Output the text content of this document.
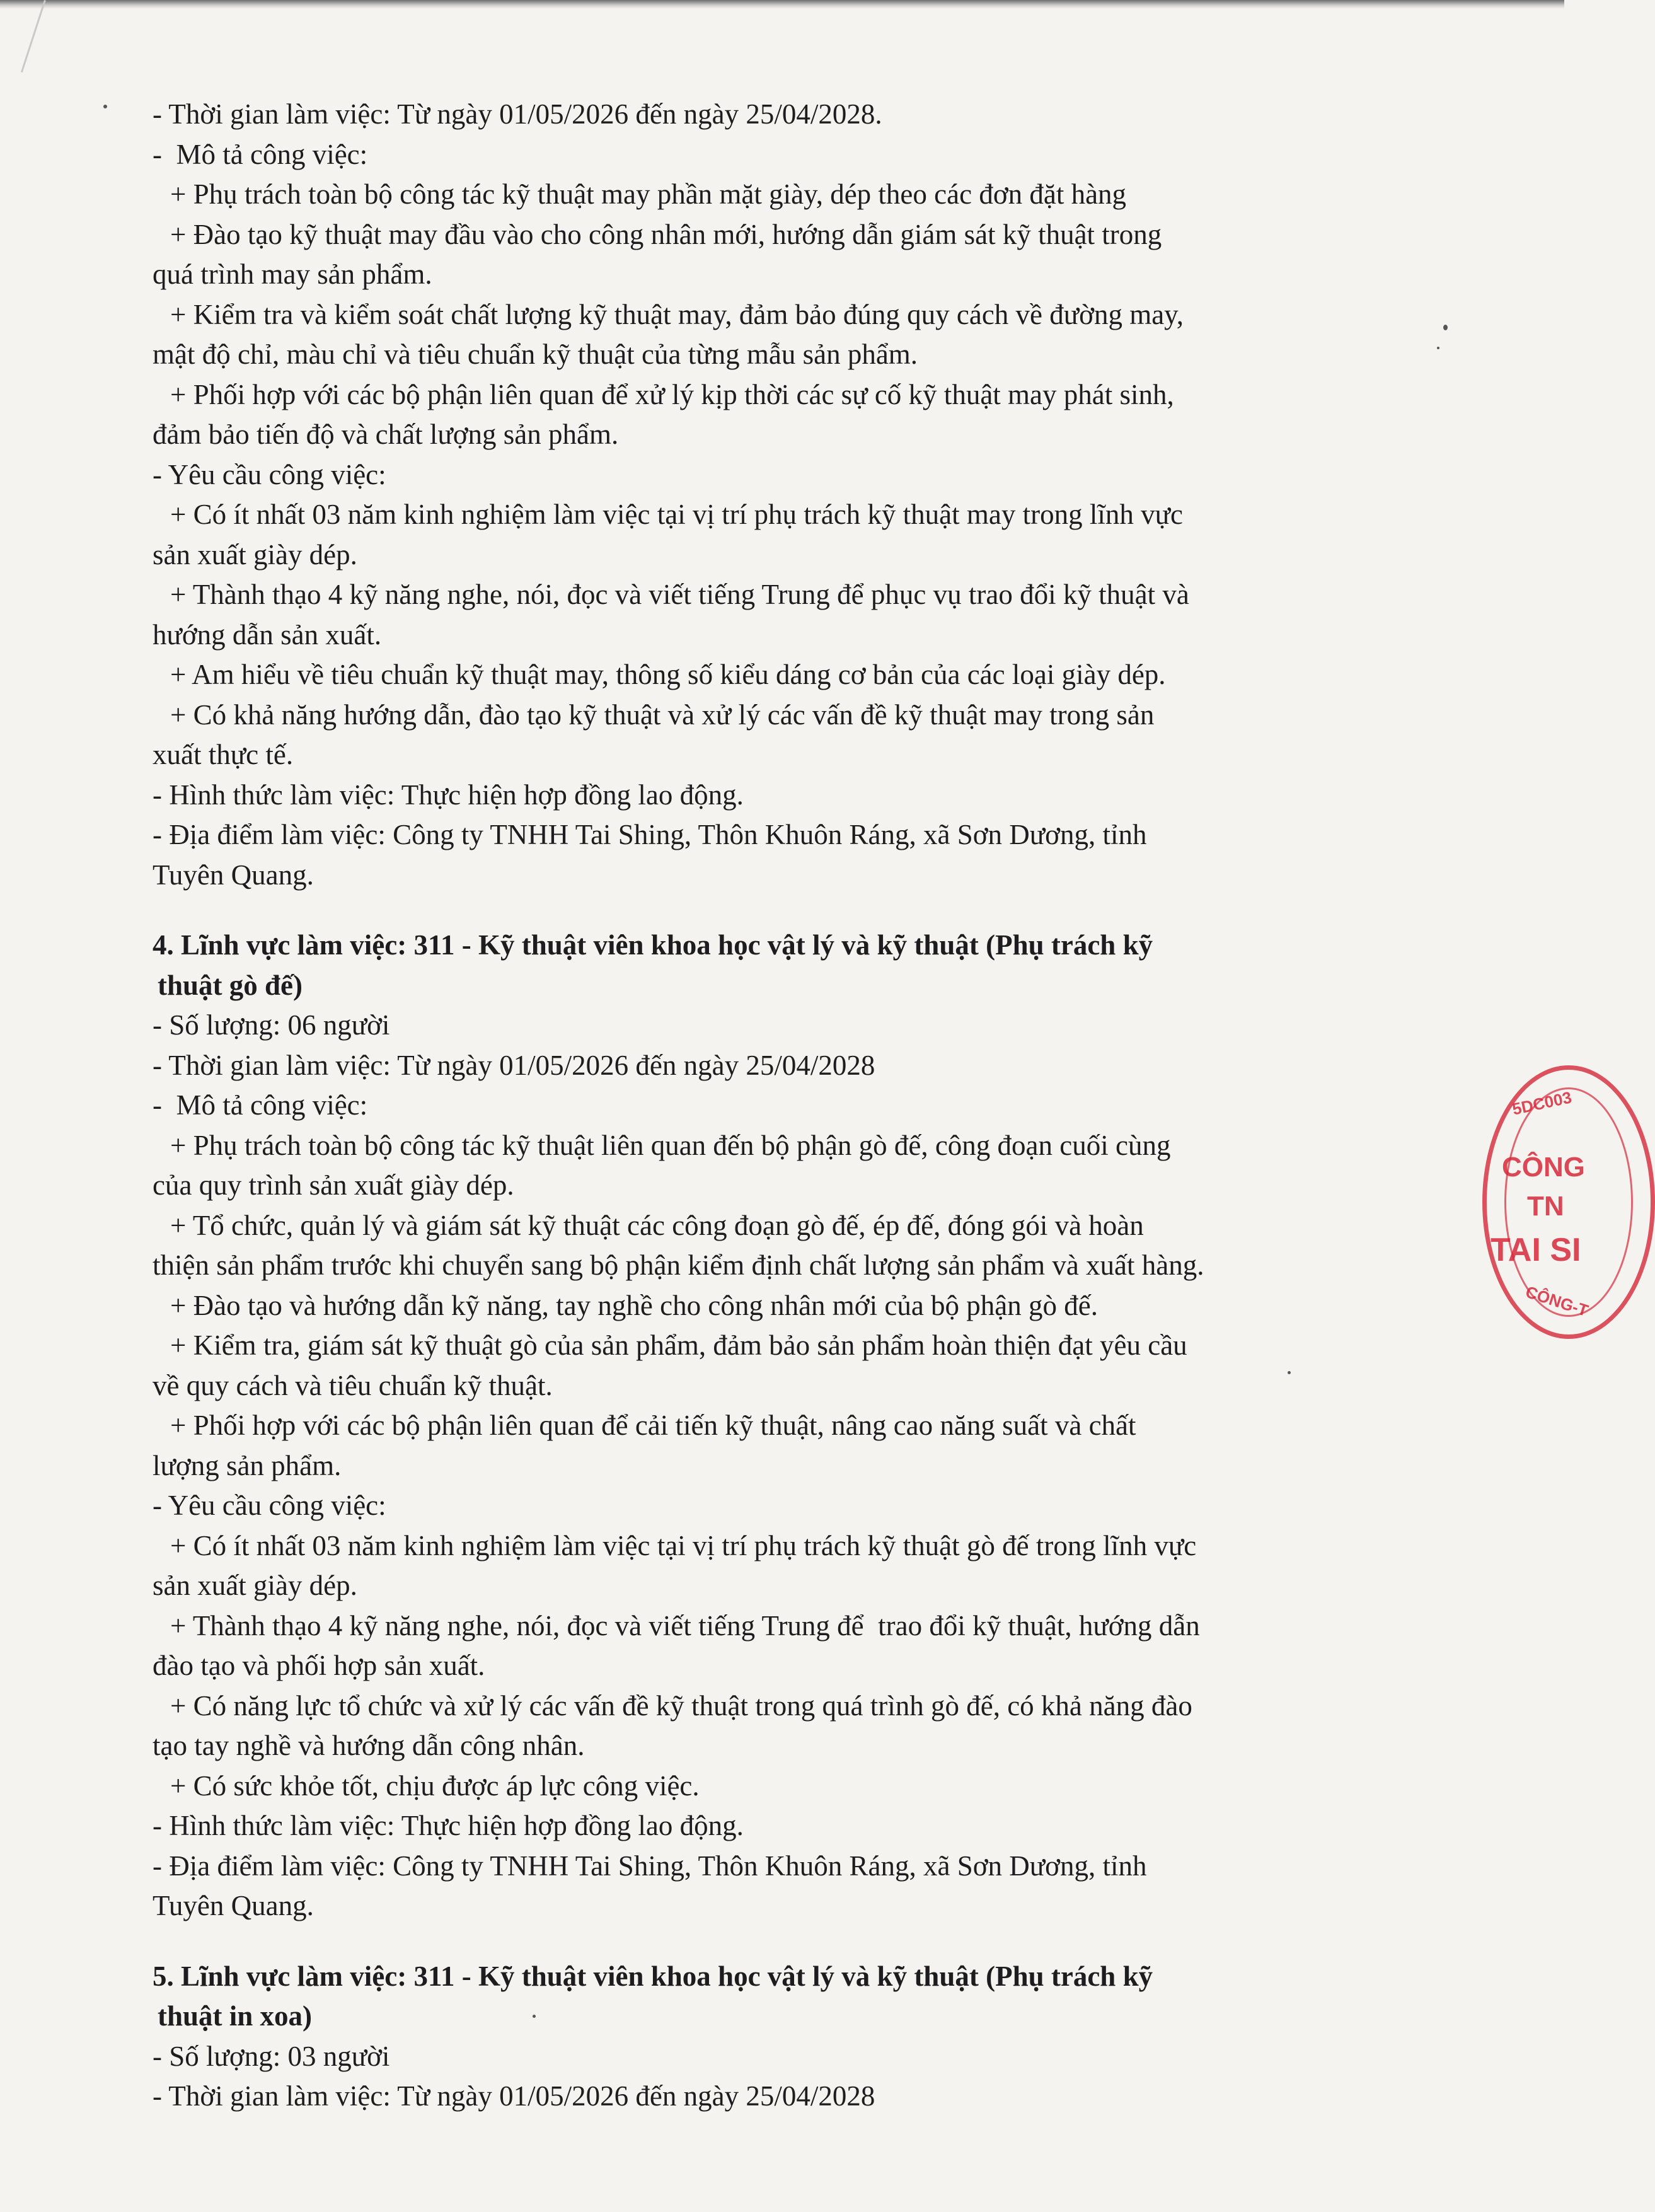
- Thời gian làm việc: Từ ngày 01/05/2026 đến ngày 25/04/2028.
-  Mô tả công việc:
+ Phụ trách toàn bộ công tác kỹ thuật may phần mặt giày, dép theo các đơn đặt hàng
+ Đào tạo kỹ thuật may đầu vào cho công nhân mới, hướng dẫn giám sát kỹ thuật trong
quá trình may sản phẩm.
+ Kiểm tra và kiểm soát chất lượng kỹ thuật may, đảm bảo đúng quy cách về đường may,
mật độ chỉ, màu chỉ và tiêu chuẩn kỹ thuật của từng mẫu sản phẩm.
+ Phối hợp với các bộ phận liên quan để xử lý kịp thời các sự cố kỹ thuật may phát sinh,
đảm bảo tiến độ và chất lượng sản phẩm.
- Yêu cầu công việc:
+ Có ít nhất 03 năm kinh nghiệm làm việc tại vị trí phụ trách kỹ thuật may trong lĩnh vực
sản xuất giày dép.
+ Thành thạo 4 kỹ năng nghe, nói, đọc và viết tiếng Trung để phục vụ trao đổi kỹ thuật và
hướng dẫn sản xuất.
+ Am hiểu về tiêu chuẩn kỹ thuật may, thông số kiểu dáng cơ bản của các loại giày dép.
+ Có khả năng hướng dẫn, đào tạo kỹ thuật và xử lý các vấn đề kỹ thuật may trong sản
xuất thực tế.
- Hình thức làm việc: Thực hiện hợp đồng lao động.
- Địa điểm làm việc: Công ty TNHH Tai Shing, Thôn Khuôn Ráng, xã Sơn Dương, tỉnh
Tuyên Quang.
4. Lĩnh vực làm việc: 311 - Kỹ thuật viên khoa học vật lý và kỹ thuật (Phụ trách kỹ
thuật gò đế)
- Số lượng: 06 người
- Thời gian làm việc: Từ ngày 01/05/2026 đến ngày 25/04/2028
-  Mô tả công việc:
+ Phụ trách toàn bộ công tác kỹ thuật liên quan đến bộ phận gò đế, công đoạn cuối cùng
của quy trình sản xuất giày dép.
+ Tổ chức, quản lý và giám sát kỹ thuật các công đoạn gò đế, ép đế, đóng gói và hoàn
thiện sản phẩm trước khi chuyển sang bộ phận kiểm định chất lượng sản phẩm và xuất hàng.
+ Đào tạo và hướng dẫn kỹ năng, tay nghề cho công nhân mới của bộ phận gò đế.
+ Kiểm tra, giám sát kỹ thuật gò của sản phẩm, đảm bảo sản phẩm hoàn thiện đạt yêu cầu
về quy cách và tiêu chuẩn kỹ thuật.
+ Phối hợp với các bộ phận liên quan để cải tiến kỹ thuật, nâng cao năng suất và chất
lượng sản phẩm.
- Yêu cầu công việc:
+ Có ít nhất 03 năm kinh nghiệm làm việc tại vị trí phụ trách kỹ thuật gò đế trong lĩnh vực
sản xuất giày dép.
+ Thành thạo 4 kỹ năng nghe, nói, đọc và viết tiếng Trung để  trao đổi kỹ thuật, hướng dẫn
đào tạo và phối hợp sản xuất.
+ Có năng lực tổ chức và xử lý các vấn đề kỹ thuật trong quá trình gò đế, có khả năng đào
tạo tay nghề và hướng dẫn công nhân.
+ Có sức khỏe tốt, chịu được áp lực công việc.
- Hình thức làm việc: Thực hiện hợp đồng lao động.
- Địa điểm làm việc: Công ty TNHH Tai Shing, Thôn Khuôn Ráng, xã Sơn Dương, tỉnh
Tuyên Quang.
5. Lĩnh vực làm việc: 311 - Kỹ thuật viên khoa học vật lý và kỹ thuật (Phụ trách kỹ
thuật in xoa)
- Số lượng: 03 người
- Thời gian làm việc: Từ ngày 01/05/2026 đến ngày 25/04/2028
5DC003
CÔNG
TN
TAI SI
CÔNG-T
